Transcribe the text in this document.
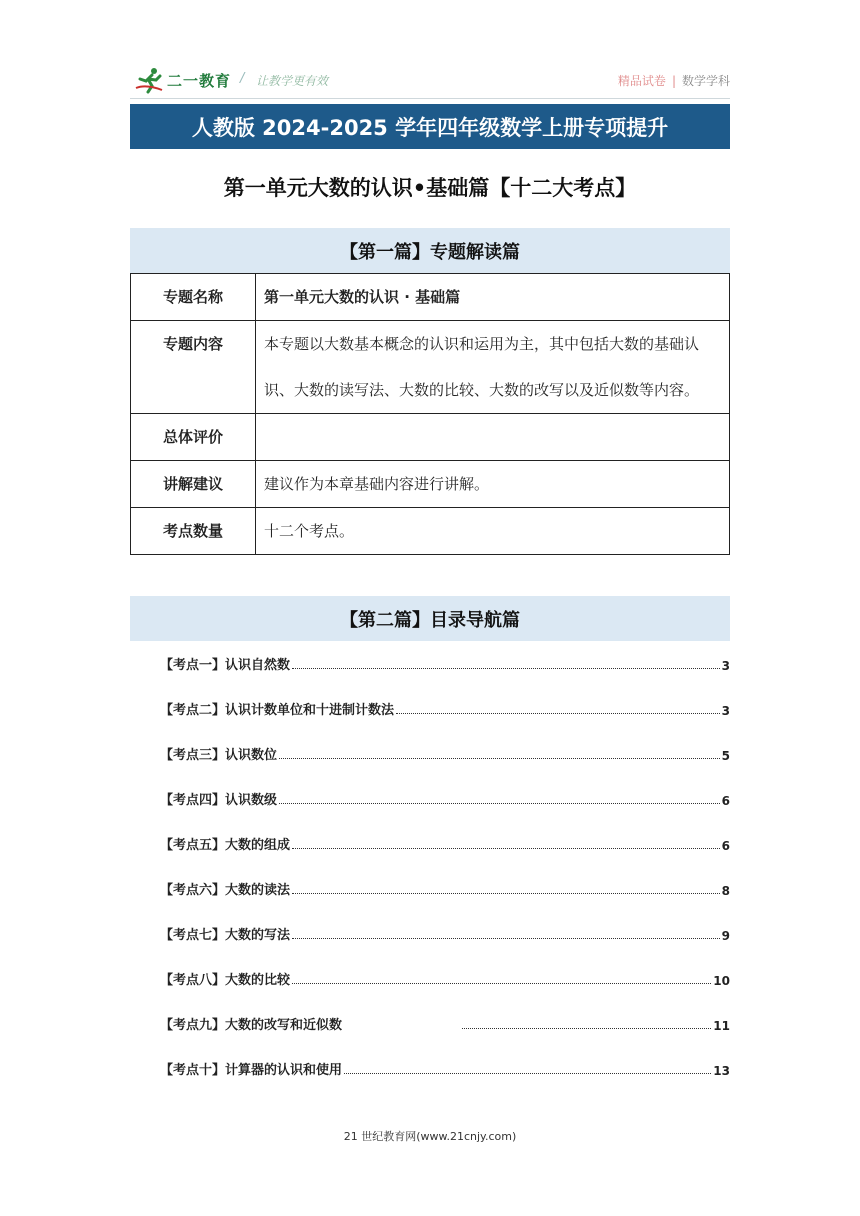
二一教育 / 让教学更有效	精品试卷 | 数学学科
人教版 2024-2025 学年四年级数学上册专项提升
第一单元大数的认识•基础篇【十二大考点】
【第一篇】专题解读篇
专题名称	第一单元大数的认识 · 基础篇
专题内容	本专题以大数基本概念的认识和运用为主，其中包括大数的基础认识、大数的读写法、大数的比较、大数的改写以及近似数等内容。
总体评价	
讲解建议	建议作为本章基础内容进行讲解。
考点数量	十二个考点。
【第二篇】目录导航篇
【考点一】认识自然数	3
【考点二】认识计数单位和十进制计数法	3
【考点三】认识数位	5
【考点四】认识数级	6
【考点五】大数的组成	6
【考点六】大数的读法	8
【考点七】大数的写法	9
【考点八】大数的比较	10
【考点九】大数的改写和近似数	11
【考点十】计算器的认识和使用	13
21 世纪教育网(www.21cnjy.com)
